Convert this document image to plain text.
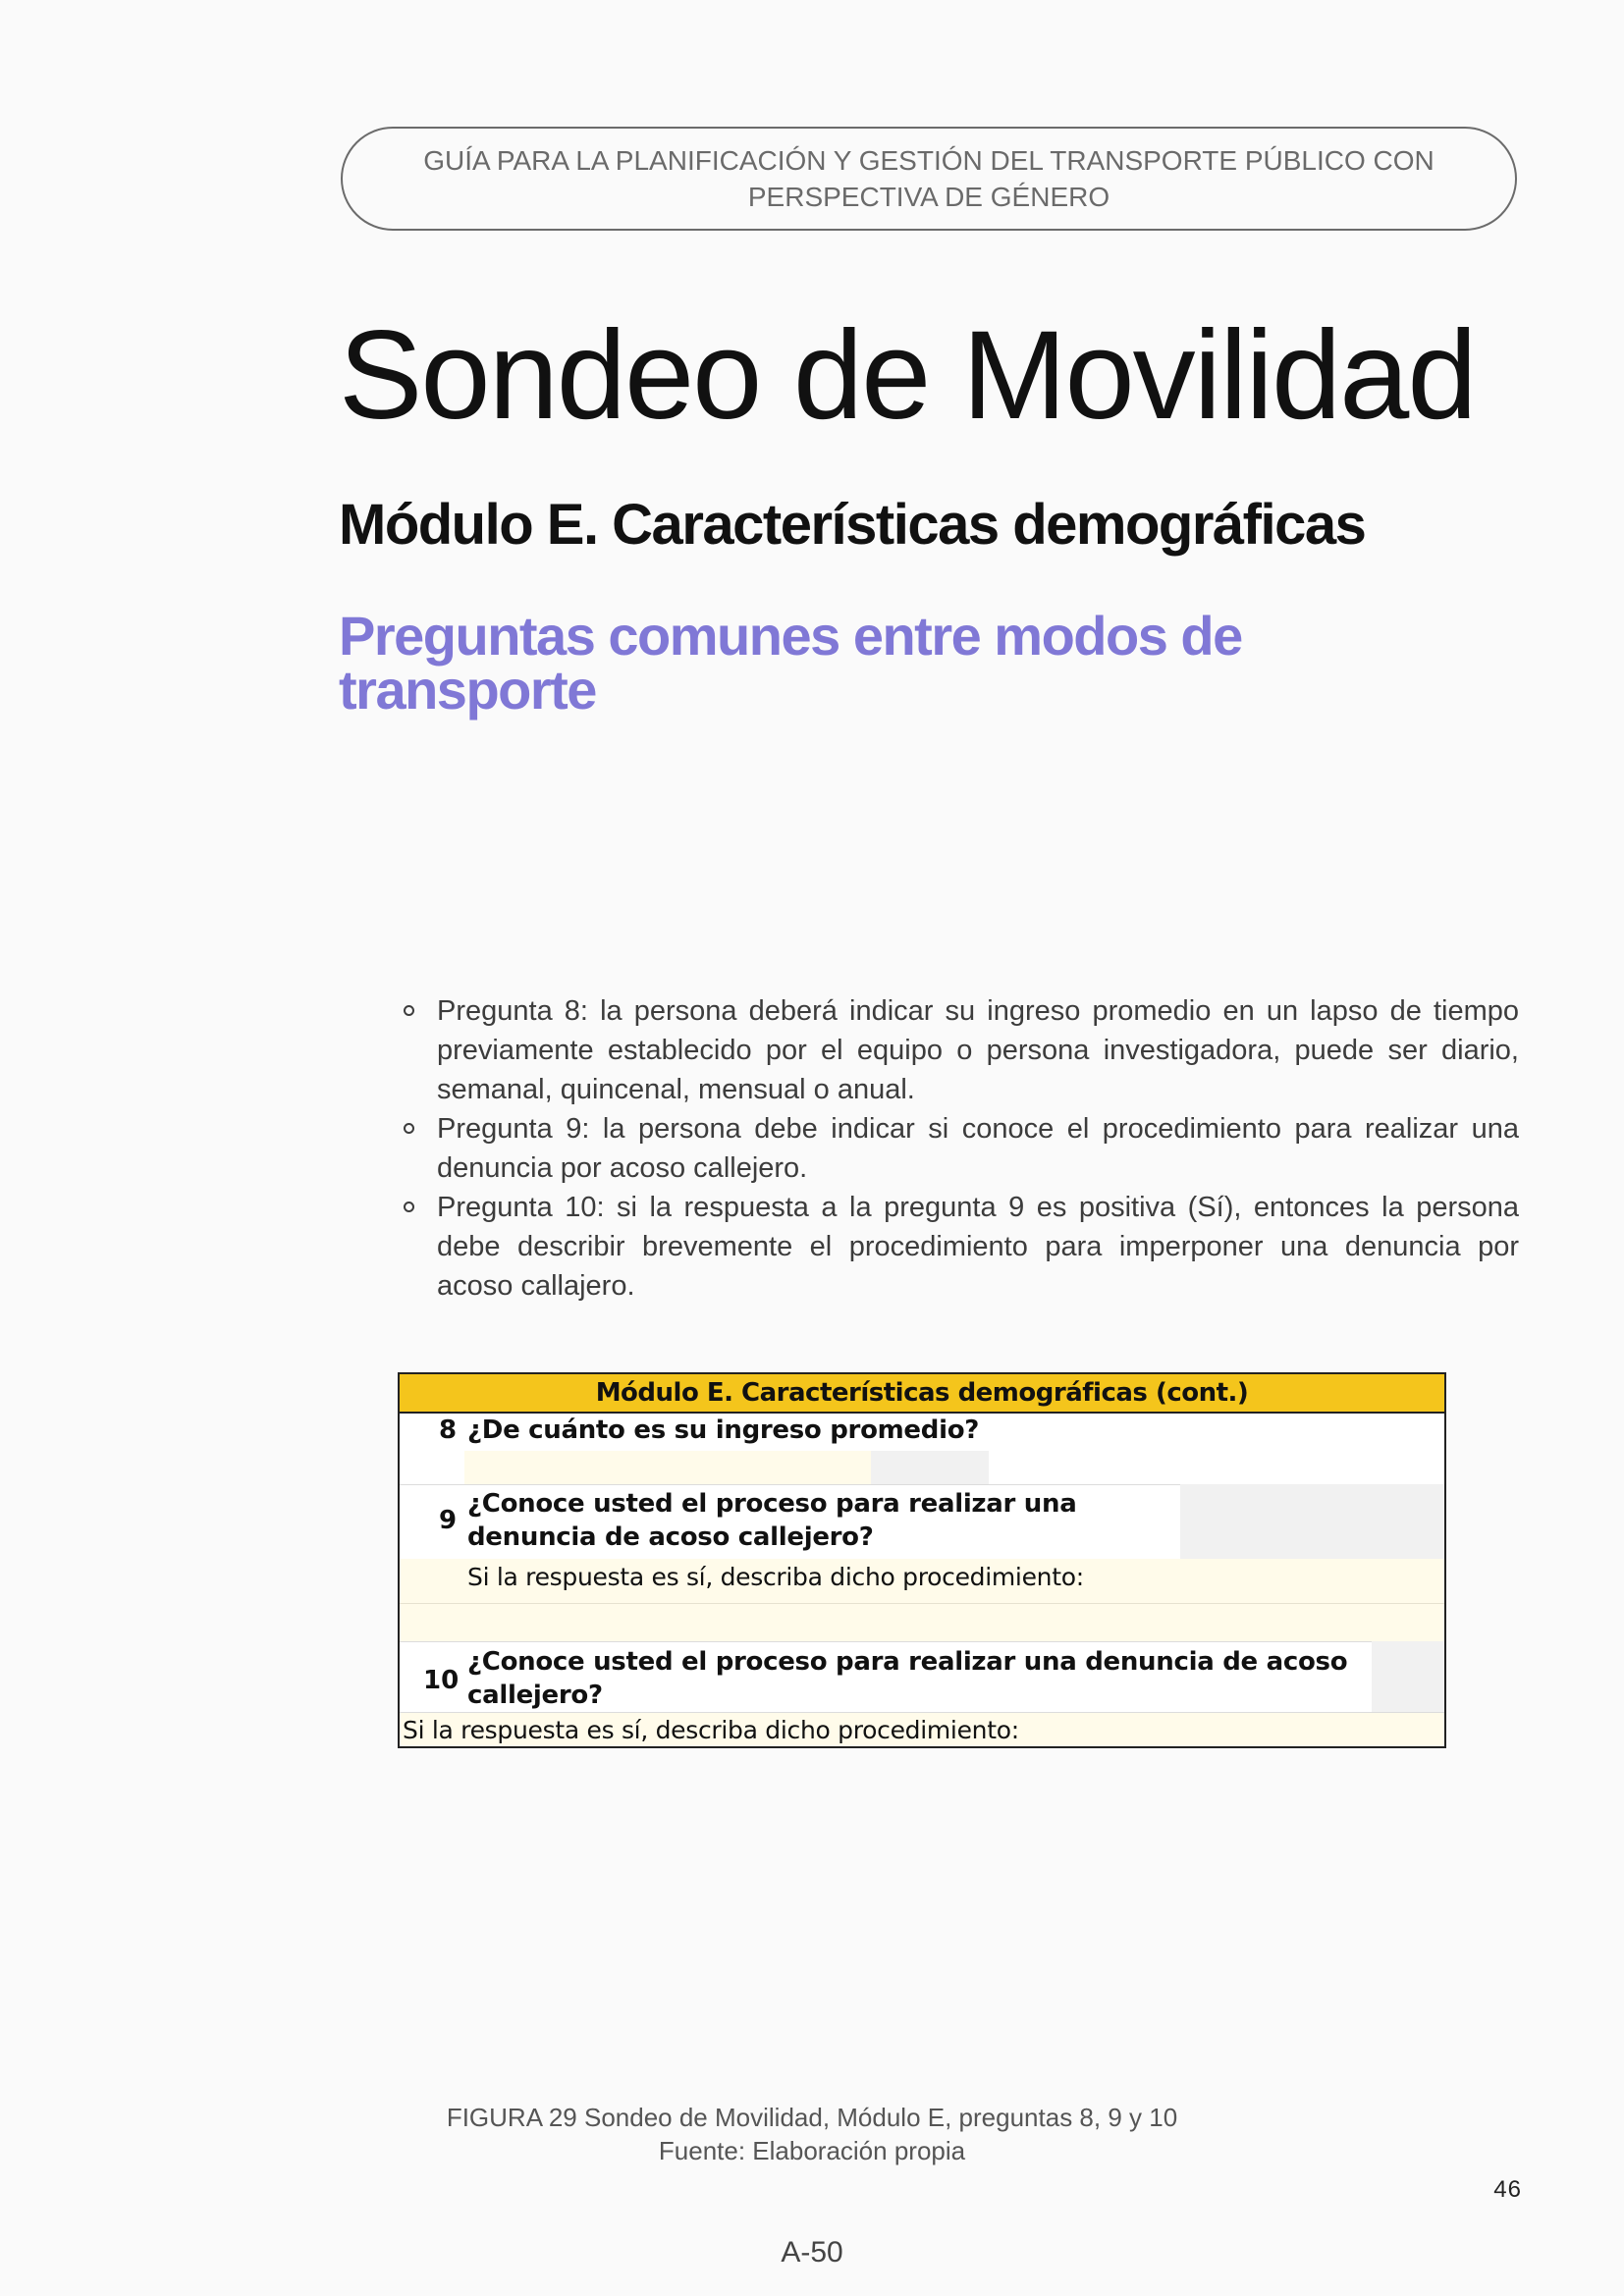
GUÍA PARA LA PLANIFICACIÓN Y GESTIÓN DEL TRANSPORTE PÚBLICO CON
PERSPECTIVA DE GÉNERO
Sondeo de Movilidad
Módulo E. Características demográficas
Preguntas comunes entre modos de transporte
Pregunta 8: la persona deberá indicar su ingreso promedio en un lapso de tiempo previamente establecido por el equipo o persona investigadora, puede ser diario, semanal, quincenal, mensual o anual.
Pregunta 9: la persona debe indicar si conoce el procedimiento para realizar una denuncia por acoso callejero.
Pregunta 10: si la respuesta a la pregunta 9 es positiva (Sí), entonces la persona debe describir brevemente el procedimiento para imperponer una denuncia por acoso callajero.
Módulo E. Características demográficas (cont.)
8 ¿De cuánto es su ingreso promedio?
9
¿Conoce usted el proceso para realizar una
denuncia de acoso callejero?
Si la respuesta es sí, describa dicho procedimiento:
10
¿Conoce usted el proceso para realizar una denuncia de acoso
callejero?
Si la respuesta es sí, describa dicho procedimiento:
FIGURA 29 Sondeo de Movilidad, Módulo E, preguntas 8, 9 y 10
Fuente: Elaboración propia
46
A-50
